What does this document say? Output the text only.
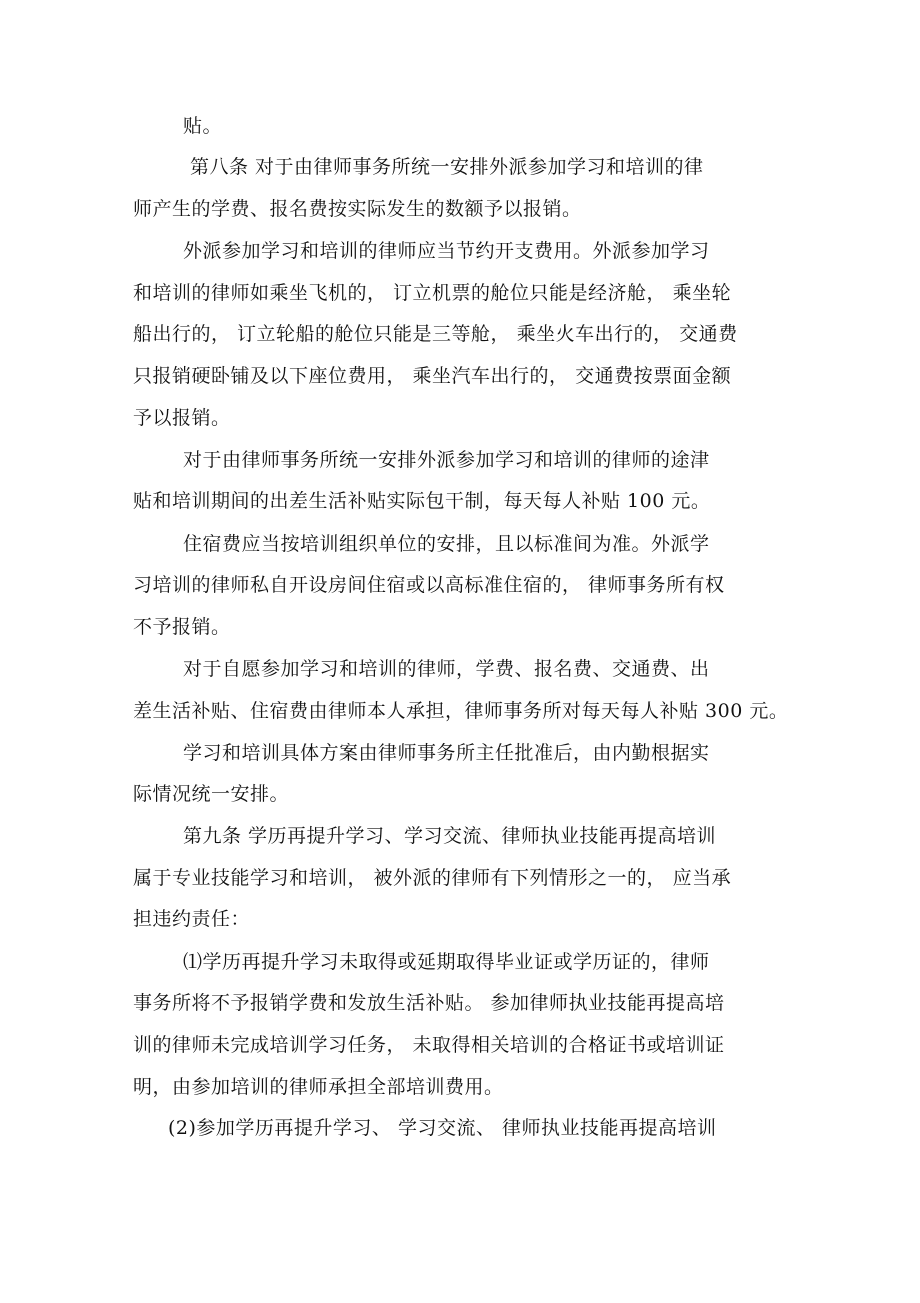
贴。
第八条 对于由律师事务所统一安排外派参加学习和培训的律
师产生的学费、报名费按实际发生的数额予以报销。
外派参加学习和培训的律师应当节约开支费用。外派参加学习
和培训的律师如乘坐飞机的， 订立机票的舱位只能是经济舱， 乘坐轮
船出行的， 订立轮船的舱位只能是三等舱， 乘坐火车出行的， 交通费
只报销硬卧铺及以下座位费用， 乘坐汽车出行的， 交通费按票面金额
予以报销。
对于由律师事务所统一安排外派参加学习和培训的律师的途津
贴和培训期间的出差生活补贴实际包干制，每天每人补贴 100 元。
住宿费应当按培训组织单位的安排，且以标准间为准。外派学
习培训的律师私自开设房间住宿或以高标准住宿的， 律师事务所有权
不予报销。
对于自愿参加学习和培训的律师，学费、报名费、交通费、出
差生活补贴、住宿费由律师本人承担，律师事务所对每天每人补贴 300 元。
学习和培训具体方案由律师事务所主任批准后，由内勤根据实
际情况统一安排。
第九条 学历再提升学习、学习交流、律师执业技能再提高培训
属于专业技能学习和培训， 被外派的律师有下列情形之一的， 应当承
担违约责任：
⑴学历再提升学习未取得或延期取得毕业证或学历证的，律师
事务所将不予报销学费和发放生活补贴。 参加律师执业技能再提高培
训的律师未完成培训学习任务， 未取得相关培训的合格证书或培训证
明，由参加培训的律师承担全部培训费用。
(2)参加学历再提升学习、 学习交流、 律师执业技能再提高培训
